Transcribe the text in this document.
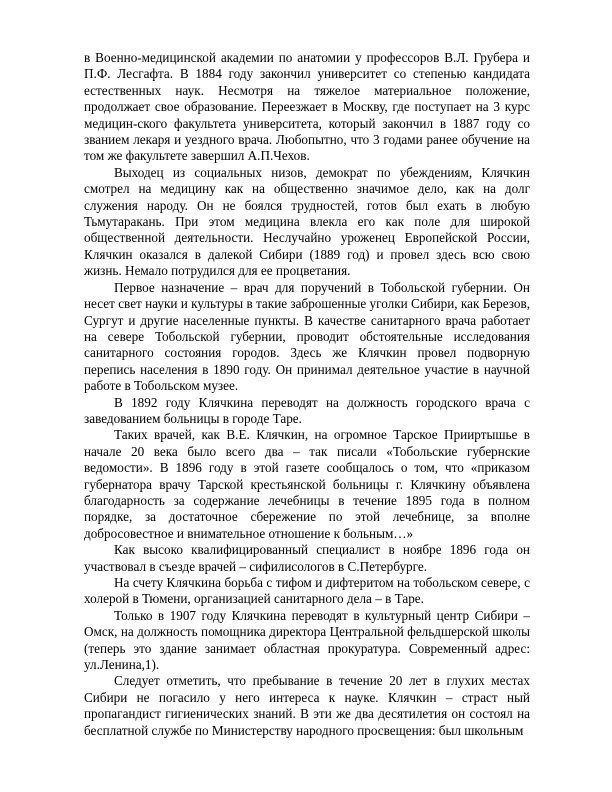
в Военно-медицинской академии по анатомии у профессоров В.Л. Грубера и П.Ф. Лесгафта. В 1884 году закончил университет со степенью кандидата естественных наук. Несмотря на тяжелое материальное положение, продолжает свое образование. Переезжает в Москву, где поступает на 3 курс медицин-ского факультета университета, который закончил в 1887 году со званием лекаря и уездного врача. Любопытно, что 3 годами ранее обучение на том же факультете завершил А.П.Чехов.

Выходец из социальных низов, демократ по убеждениям, Клячкин смотрел на медицину как на общественно значимое дело, как на долг служения народу. Он не боялся трудностей, готов был ехать в любую Тьмутаракань. При этом медицина влекла его как поле для широкой общественной деятельности. Неслучайно уроженец Европейской России, Клячкин оказался в далекой Сибири (1889 год) и провел здесь всю свою жизнь. Немало потрудился для ее процветания.

Первое назначение – врач для поручений в Тобольской губернии. Он несет свет науки и культуры в такие заброшенные уголки Сибири, как Березов, Сургут и другие населенные пункты. В качестве санитарного врача работает на севере Тобольской губернии, проводит обстоятельные исследования санитарного состояния городов. Здесь же Клячкин провел подворную перепись населения в 1890 году. Он принимал деятельное участие в научной работе в Тобольском музее.

В 1892 году Клячкина переводят на должность городского врача с заведованием больницы в городе Таре.

Таких врачей, как В.Е. Клячкин, на огромное Тарское Прииртышье в начале 20 века было всего два – так писали «Тобольские губернские ведомости». В 1896 году в этой газете сообщалось о том, что «приказом губернатора врачу Тарской крестьянской больницы г. Клячкину объявлена благодарность за содержание лечебницы в течение 1895 года в полном порядке, за достаточное сбережение по этой лечебнице, за вполне добросовестное и внимательное отношение к больным…»

Как высоко квалифицированный специалист в ноябре 1896 года он участвовал в съезде врачей – сифилисологов в С.Петербурге.

На счету Клячкина борьба с тифом и дифтеритом на тобольском севере, с холерой в Тюмени, организацией санитарного дела – в Таре.

Только в 1907 году Клячкина переводят в культурный центр Сибири – Омск, на должность помощника директора Центральной фельдшерской школы (теперь это здание занимает областная прокуратура. Современный адрес: ул.Ленина,1).

Следует отметить, что пребывание в течение 20 лет в глухих местах Сибири не погасило у него интереса к науке. Клячкин – страст ный пропагандист гигиенических знаний. В эти же два десятилетия он состоял на бесплатной службе по Министерству народного просвещения: был школьным
